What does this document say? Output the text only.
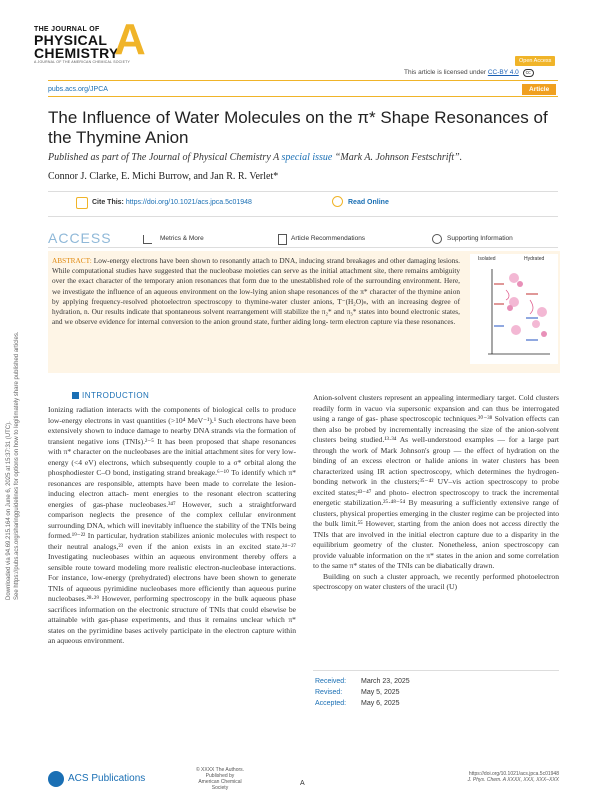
Downloaded via 94.69.215.164 on June 6, 2025 at 15:37:31 (UTC). See https://pubs.acs.org/sharingguidelines for options on how to legitimately share published articles.
THE JOURNAL OF
PHYSICAL
CHEMISTRY
A JOURNAL OF THE AMERICAN CHEMICAL SOCIETY
A	Open Access
This article is licensed under CC-BY 4.0 cc
pubs.acs.org/JPCA	Article
The Influence of Water Molecules on the π* Shape Resonances of
the Thymine Anion
Published as part of The Journal of Physical Chemistry A special issue “Mark A. Johnson Festschrift”.
Connor J. Clarke, E. Michi Burrow, and Jan R. R. Verlet*
Cite This: https://doi.org/10.1021/acs.jpca.5c01948	Read Online
ACCESS	Metrics & More	Article Recommendations	Supporting Information
ABSTRACT: Low-energy electrons have been shown to resonantly attach to DNA, inducing strand breakages and other damaging lesions. While computational studies have suggested that the nucleobase moieties can serve as the initial attachment site, there remains ambiguity over the exact character of the temporary anion resonances that form due to the unestablished role of the surrounding environment. Here, we investigate the influence of an aqueous environment on the low-lying anion shape resonances of the π* character of the thymine anion by applying frequency-resolved photoelectron spectroscopy to thymine-water cluster anions, T⁻(H₂O)ₙ, with an increasing degree of hydration, n. Our results indicate that spontaneous solvent rearrangement will stabilize the π₂* and π₃* states into bound electronic states, and we observe evidence for internal conversion to the anion ground state, further aiding long- term electron capture via these resonances.
Isolated	Hydrated
INTRODUCTION
Ionizing radiation interacts with the components of biological cells to produce low-energy electrons in vast quantities (>10⁴ MeV⁻¹).¹ Such electrons have been extensively shown to induce damage to nearby DNA strands via the formation of transient negative ions (TNIs).²⁻⁵ It has been proposed that shape resonances with π* character on the nucleobases are the initial attachment sites for very low-energy (<4 eV) electrons, which subsequently couple to a σ* orbital along the phosphodiester C–O bond, instigating strand breakage.⁶⁻¹⁰ To identify which π* resonances are responsible, attempts have been made to correlate the lesion-inducing electron attach- ment energies to the resonant electron scattering energies of gas-phase nucleobases.³⁴⁷ However, such a straightforward comparison neglects the presence of the complex cellular environment surrounding DNA, which will inevitably influence the stability of the TNIs being formed.¹⁹⁻²² In particular, hydration stabilizes anionic molecules with respect to their neutral analogs,²³ even if the anion exists in an excited state.²⁴⁻²⁷ Investigating nucleobases within an aqueous environment thereby offers a sensible route toward modeling more realistic electron-nucleobase interactions. For instance, low-energy (prehydrated) electrons have been shown to generate TNIs of aqueous pyrimidine nucleobases more efficiently than aqueous purine nucleobases.²⁸·²⁹ However, performing spectroscopy in the bulk aqueous phase sacrifices information on the electronic structure of TNIs that could elsewise be attainable with gas-phase experiments, and thus it remains unclear which π* states on the pyrimidine bases actively participate in the electron capture within an aqueous environment.
Anion-solvent clusters represent an appealing intermediary target. Cold clusters readily form in vacuo via supersonic expansion and can thus be interrogated using a range of gas- phase spectroscopic techniques.³⁰⁻³⁸ Solvation effects can then also be probed by incrementally increasing the size of the anion-solvent clusters being studied.¹³·³⁴ As well-understood examples — for a large part through the work of Mark Johnson's group — the effect of hydration on the binding of an excess electron or halide anions in water clusters has been characterized using IR action spectroscopy, which determines the hydrogen-bonding network in the clusters;³⁵⁻⁴² UV–vis action spectroscopy to probe excited states;⁴³⁻⁴⁷ and photo- electron spectroscopy to track the incremental energetic stabilization.²⁵·⁴⁸⁻⁵⁴ By measuring a sufficiently extensive range of clusters, physical properties emerging in the cluster regime can be projected into the bulk limit.⁵⁵ However, starting from the anion does not access directly the TNIs that are involved in the initial electron capture due to a disparity in the equilibrium geometry of the cluster. Nonetheless, anion spectroscopy can provide valuable information on the π* states in the anion and some correlation to the same π* states of the TNIs can be diabatically drawn.
Building on such a cluster approach, we recently performed photoelectron spectroscopy on water clusters of the uracil (U)
Received: March 23, 2025
Revised:	May 5, 2025
Accepted: May 6, 2025
ACS Publications
© XXXX The Authors. Published by
American Chemical Society
A
https://doi.org/10.1021/acs.jpca.5c01948
J. Phys. Chem. A XXXX, XXX, XXX–XXX
